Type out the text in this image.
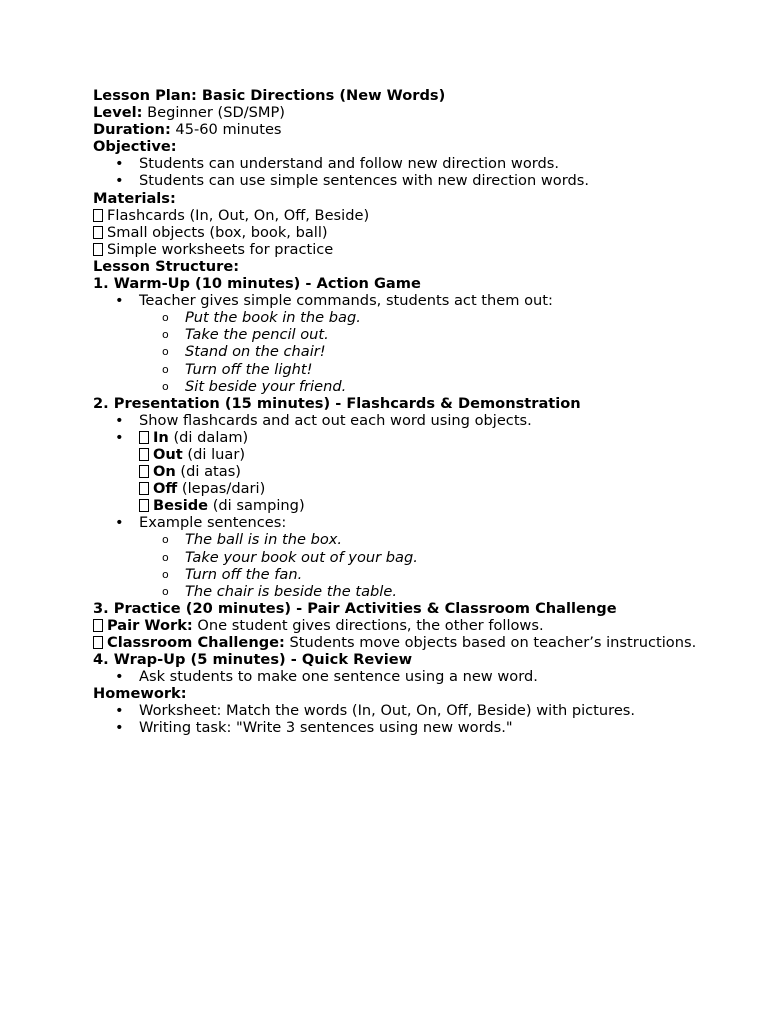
Lesson Plan: Basic Directions (New Words)
Level: Beginner (SD/SMP)
Duration: 45-60 minutes
Objective:
• Students can understand and follow new direction words.
• Students can use simple sentences with new direction words.
Materials:
Flashcards (In, Out, On, Off, Beside)
Small objects (box, book, ball)
Simple worksheets for practice
Lesson Structure:
1. Warm-Up (10 minutes) - Action Game
• Teacher gives simple commands, students act them out:
o Put the book in the bag.
o Take the pencil out.
o Stand on the chair!
o Turn off the light!
o Sit beside your friend.
2. Presentation (15 minutes) - Flashcards & Demonstration
• Show flashcards and act out each word using objects.
• In (di dalam)
Out (di luar)
On (di atas)
Off (lepas/dari)
Beside (di samping)
• Example sentences:
o The ball is in the box.
o Take your book out of your bag.
o Turn off the fan.
o The chair is beside the table.
3. Practice (20 minutes) - Pair Activities & Classroom Challenge
Pair Work: One student gives directions, the other follows.
Classroom Challenge: Students move objects based on teacher’s instructions.
4. Wrap-Up (5 minutes) - Quick Review
• Ask students to make one sentence using a new word.
Homework:
• Worksheet: Match the words (In, Out, On, Off, Beside) with pictures.
• Writing task: "Write 3 sentences using new words."
